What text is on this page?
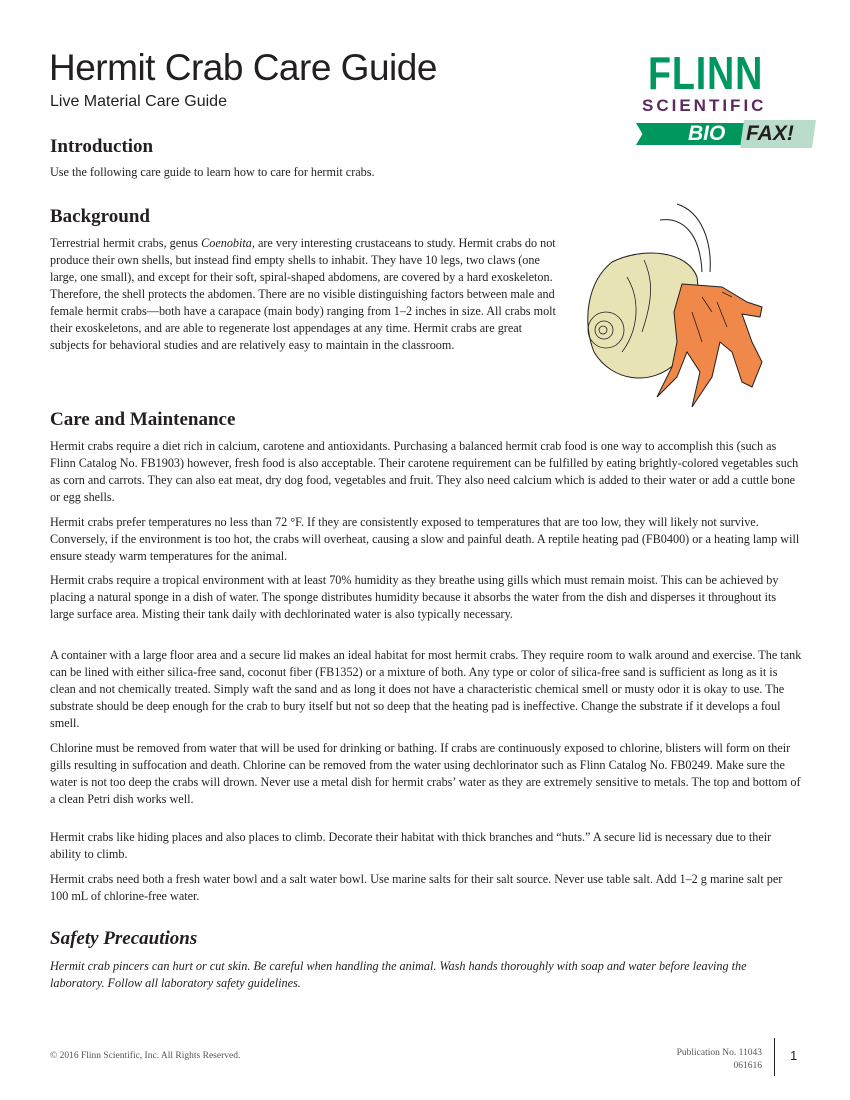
Hermit Crab Care Guide
Live Material Care Guide
FLINN
SCIENTIFIC
BIO FAX!
Introduction

Use the following care guide to learn how to care for hermit crabs.

Background

Terrestrial hermit crabs, genus Coenobita, are very interesting crustaceans to study. Hermit crabs do not produce their own shells, but instead find empty shells to inhabit. They have 10 legs, two claws (one large, one small), and except for their soft, spiral-shaped abdomens, are covered by a hard exoskeleton. Therefore, the shell protects the abdomen. There are no visible distinguishing factors between male and female hermit crabs—both have a carapace (main body) ranging from 1–2 inches in size. All crabs molt their exoskeletons, and are able to regenerate lost appendages at any time. Hermit crabs are great subjects for behavioral studies and are relatively easy to maintain in the classroom.

Care and Maintenance

Hermit crabs require a diet rich in calcium, carotene and antioxidants. Purchasing a balanced hermit crab food is one way to accomplish this (such as Flinn Catalog No. FB1903) however, fresh food is also acceptable. Their carotene requirement can be fulfilled by eating brightly-colored vegetables such as corn and carrots. They can also eat meat, dry dog food, vegetables and fruit. They also need calcium which is added to their water or add a cuttle bone or egg shells.

Hermit crabs prefer temperatures no less than 72 °F. If they are consistently exposed to temperatures that are too low, they will likely not survive. Conversely, if the environment is too hot, the crabs will overheat, causing a slow and painful death. A reptile heating pad (FB0400) or a heating lamp will ensure steady warm temperatures for the animal.

Hermit crabs require a tropical environment with at least 70% humidity as they breathe using gills which must remain moist. This can be achieved by placing a natural sponge in a dish of water. The sponge distributes humidity because it absorbs the water from the dish and disperses it throughout its large surface area. Misting their tank daily with dechlorinated water is also typically necessary.

A container with a large floor area and a secure lid makes an ideal habitat for most hermit crabs. They require room to walk around and exercise. The tank can be lined with either silica-free sand, coconut fiber (FB1352) or a mixture of both. Any type or color of silica-free sand is sufficient as long as it is clean and not chemically treated. Simply waft the sand and as long it does not have a characteristic chemical smell or musty odor it is okay to use. The substrate should be deep enough for the crab to bury itself but not so deep that the heating pad is ineffective. Change the substrate if it develops a foul smell.

Chlorine must be removed from water that will be used for drinking or bathing. If crabs are continuously exposed to chlorine, blisters will form on their gills resulting in suffocation and death. Chlorine can be removed from the water using dechlorinator such as Flinn Catalog No. FB0249. Make sure the water is not too deep the crabs will drown. Never use a metal dish for hermit crabs’ water as they are extremely sensitive to metals. The top and bottom of a clean Petri dish works well.

Hermit crabs like hiding places and also places to climb. Decorate their habitat with thick branches and “huts.” A secure lid is necessary due to their ability to climb.

Hermit crabs need both a fresh water bowl and a salt water bowl. Use marine salts for their salt source. Never use table salt. Add 1–2 g marine salt per 100 mL of chlorine-free water.

Safety Precautions

Hermit crab pincers can hurt or cut skin. Be careful when handling the animal. Wash hands thoroughly with soap and water before leaving the laboratory. Follow all laboratory safety guidelines.

© 2016 Flinn Scientific, Inc. All Rights Reserved.	Publication No. 11043
061616
1
